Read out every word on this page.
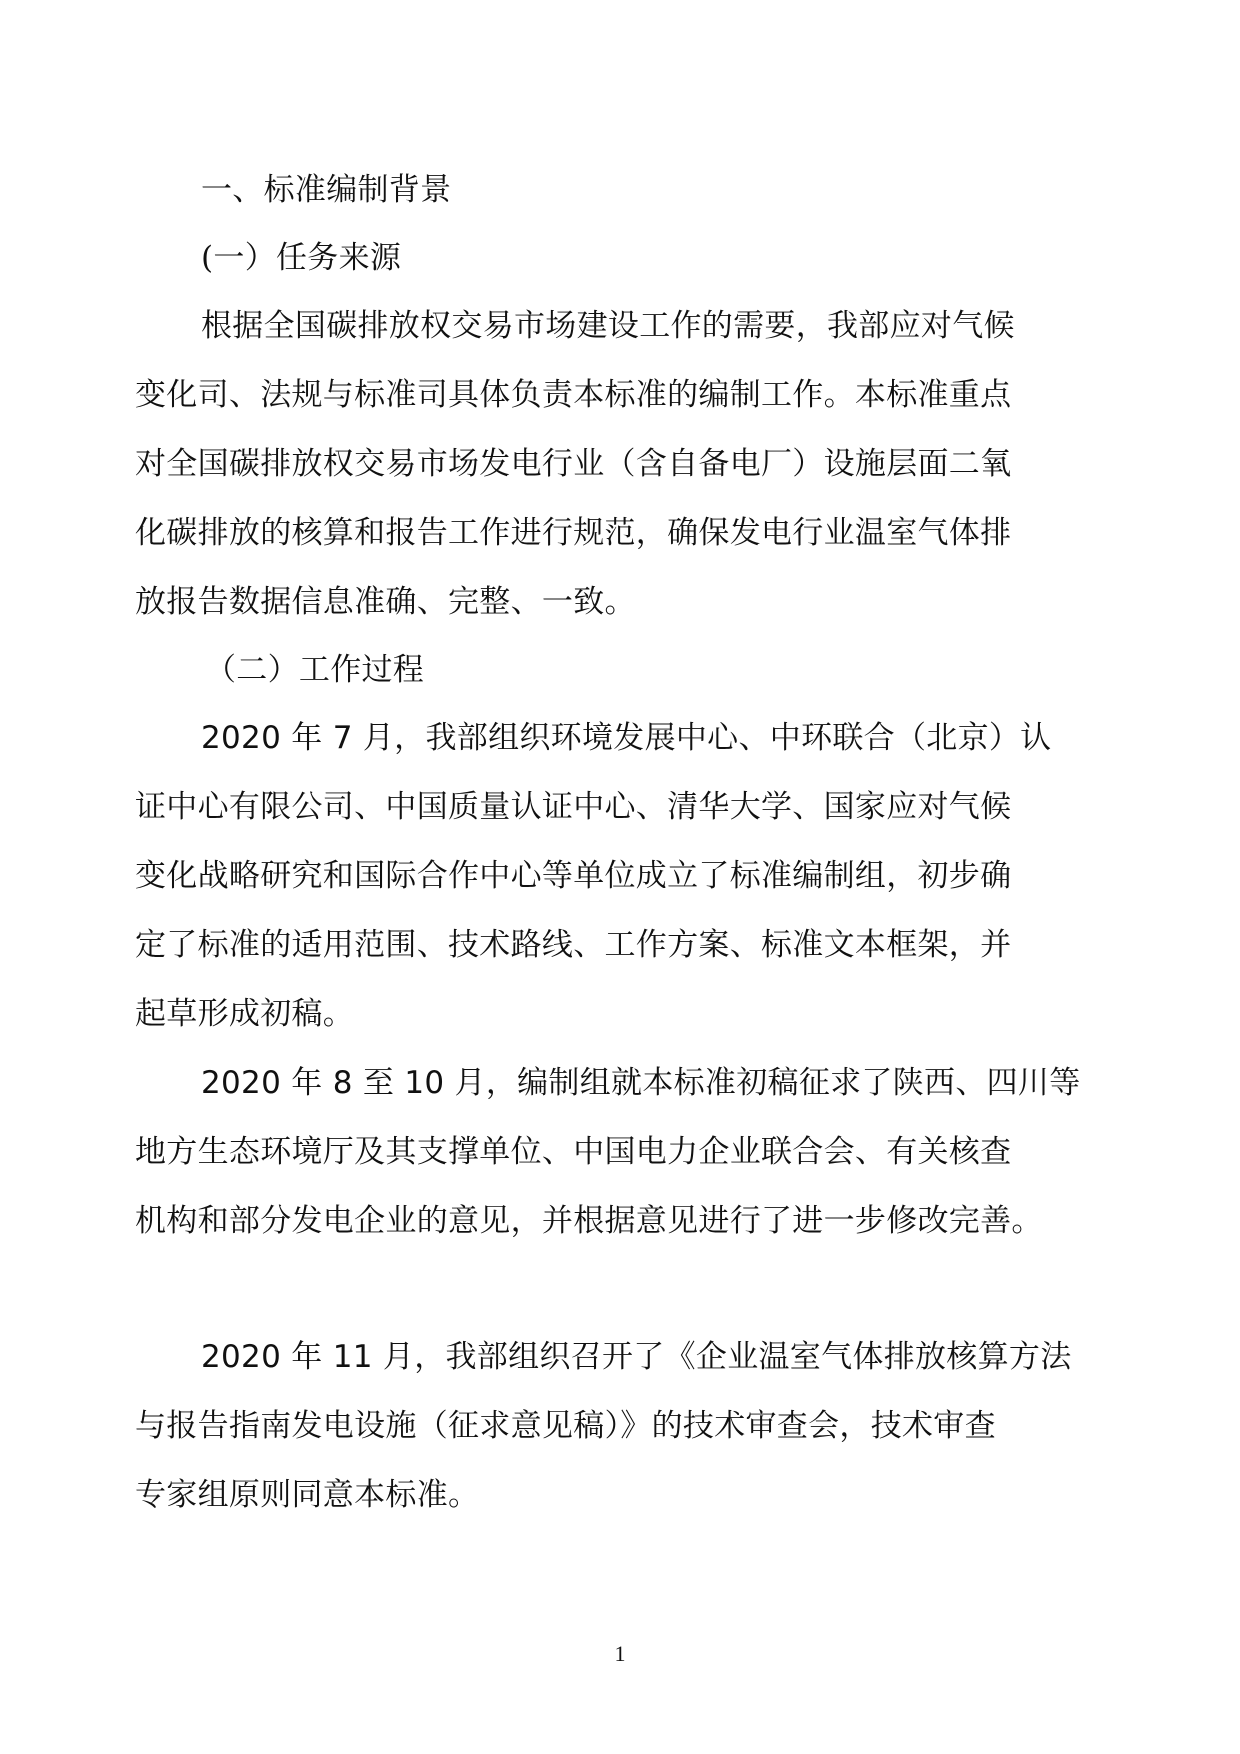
一、标准编制背景
(一）任务来源
根据全国碳排放权交易市场建设工作的需要，我部应对气候
变化司、法规与标准司具体负责本标准的编制工作。本标准重点
对全国碳排放权交易市场发电行业（含自备电厂）设施层面二氧
化碳排放的核算和报告工作进行规范，确保发电行业温室气体排
放报告数据信息准确、完整、一致。
（二）工作过程
2020 年 7 月，我部组织环境发展中心、中环联合（北京）认
证中心有限公司、中国质量认证中心、清华大学、国家应对气候
变化战略研究和国际合作中心等单位成立了标准编制组，初步确
定了标准的适用范围、技术路线、工作方案、标准文本框架，并
起草形成初稿。
2020 年 8 至 10 月，编制组就本标准初稿征求了陕西、四川等
地方生态环境厅及其支撑单位、中国电力企业联合会、有关核查
机构和部分发电企业的意见，并根据意见进行了进一步修改完善。
2020 年 11 月，我部组织召开了《企业温室气体排放核算方法
与报告指南发电设施（征求意见稿）》的技术审查会，技术审查
专家组原则同意本标准。
1
